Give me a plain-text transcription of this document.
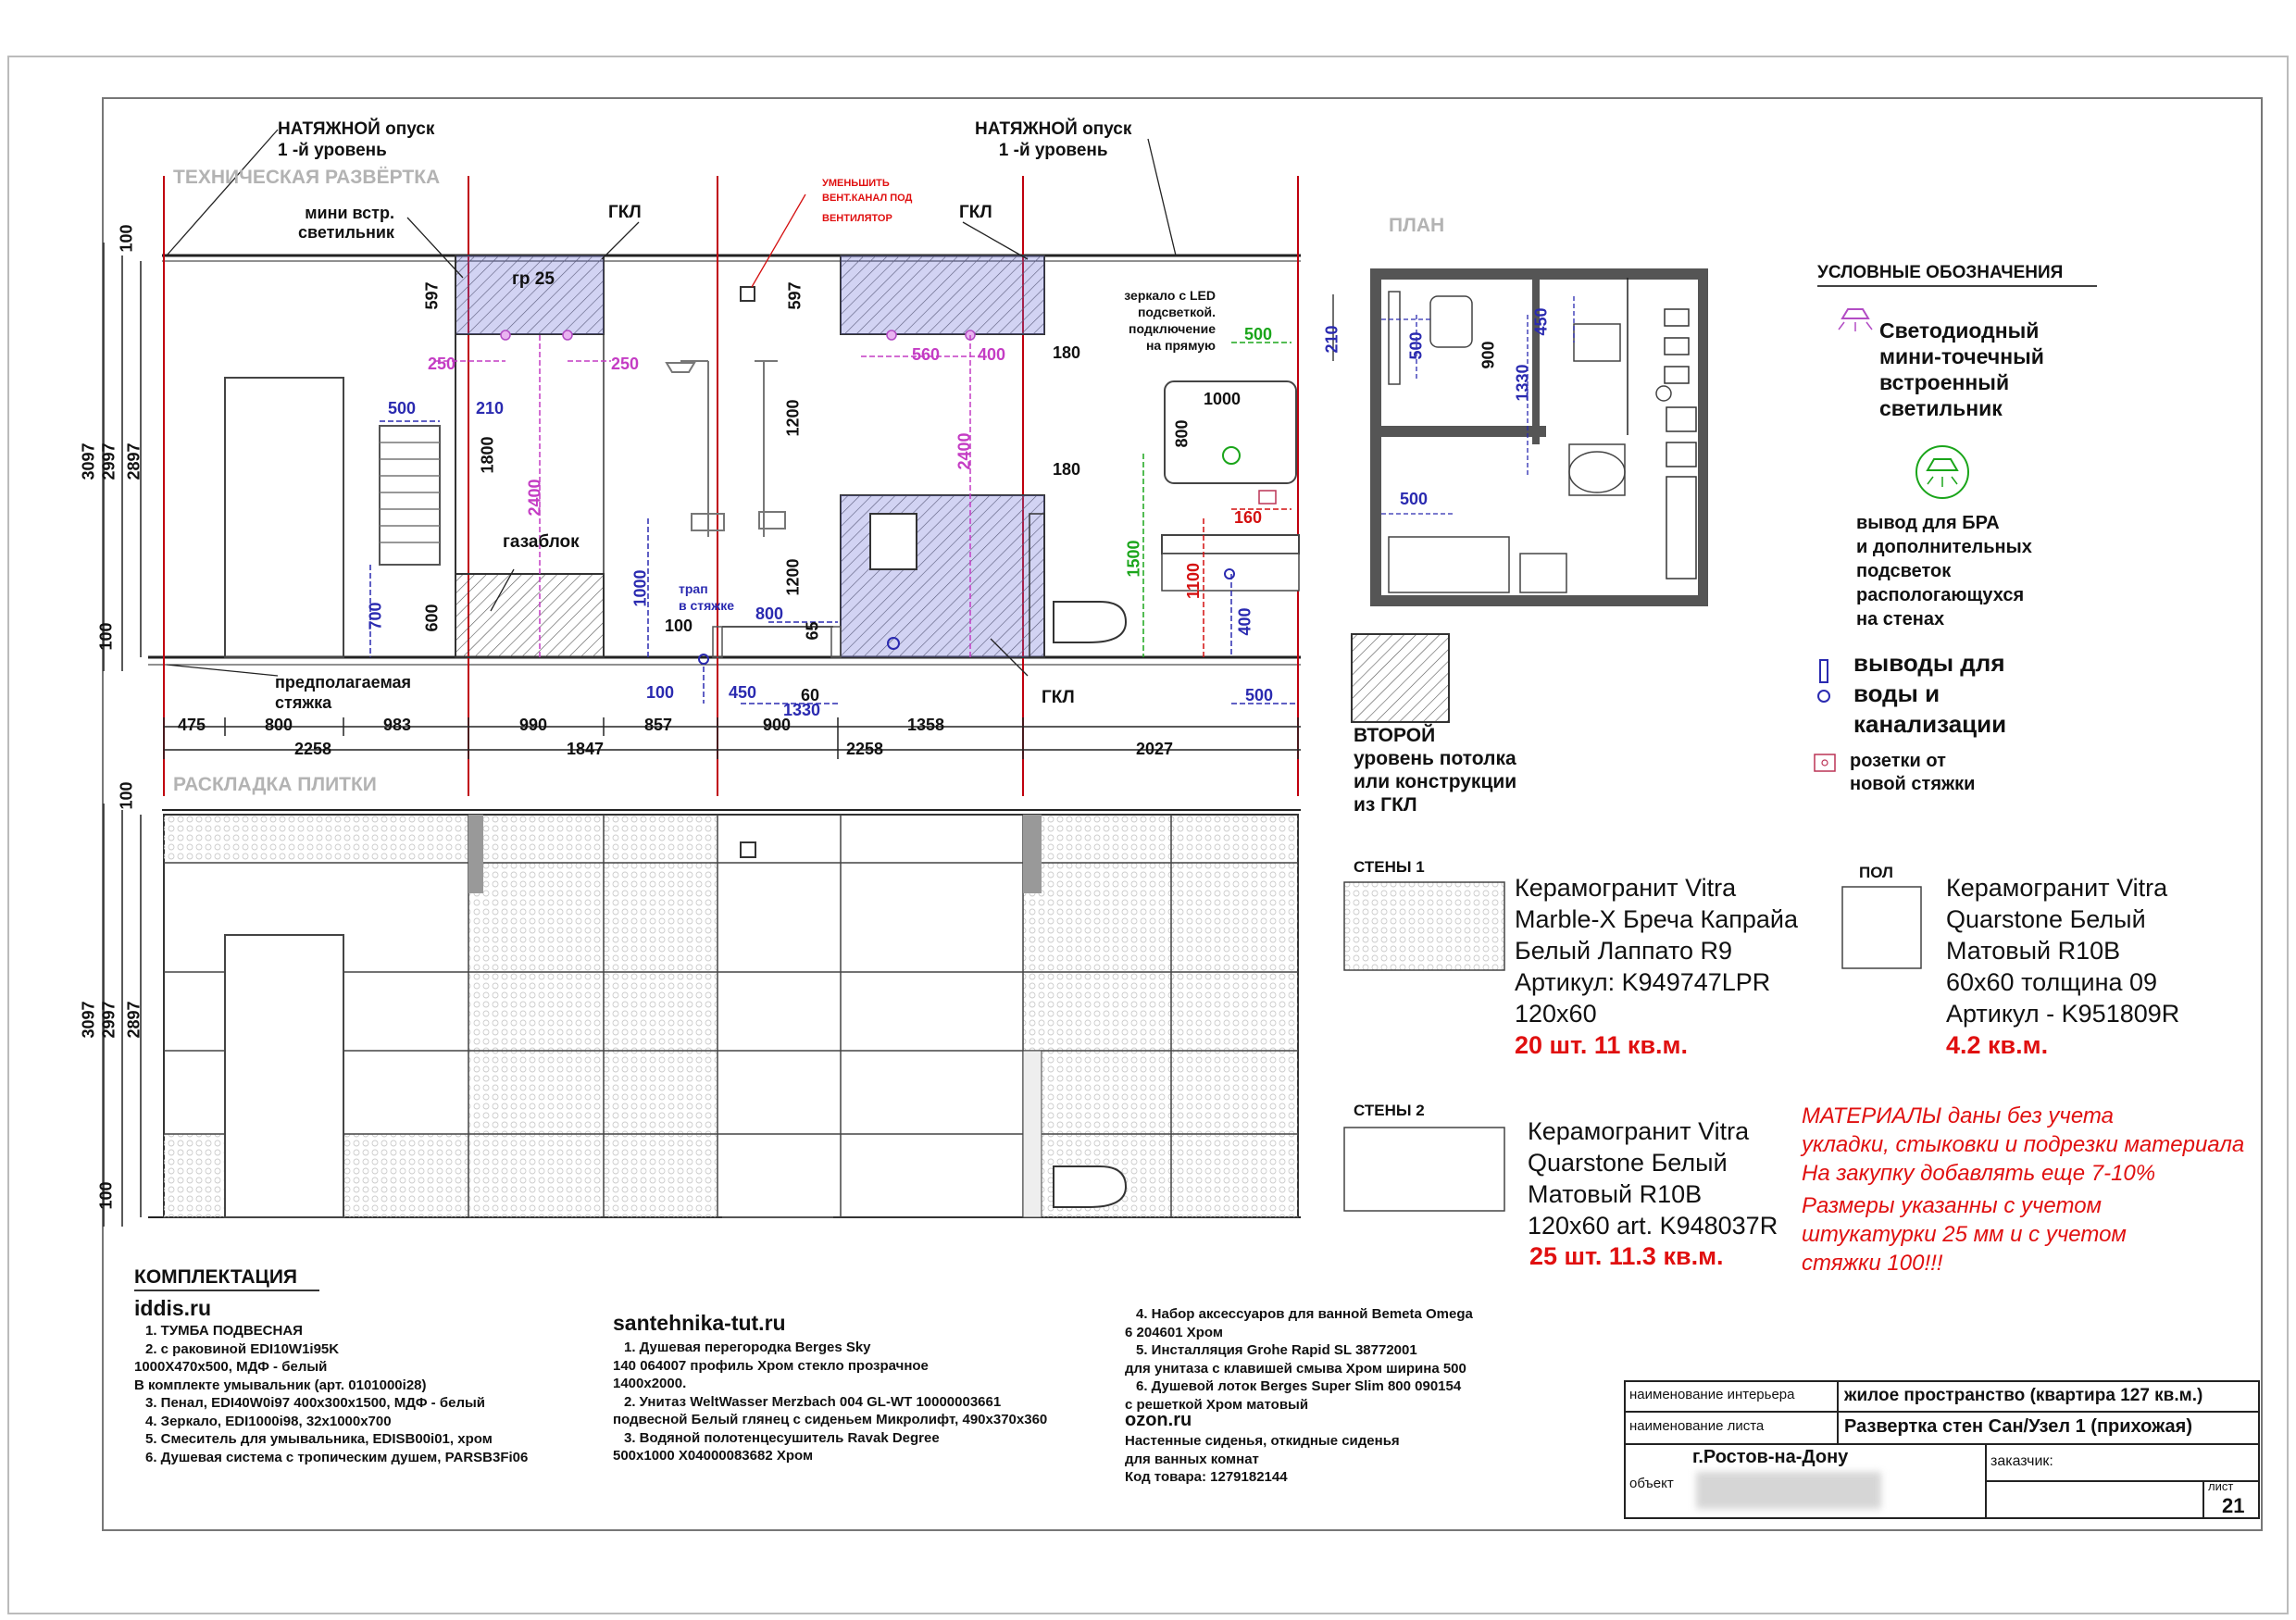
ТЕХНИЧЕСКАЯ РАЗВЁРТКА
НАТЯЖНОЙ опуск
1 -й уровень
НАТЯЖНОЙ опуск
1 -й уровень
мини встр.
светильник
ГКЛ	ГКЛ
ГКЛ
гр 25
газаблок
УМЕНЬШИТЬ
ВЕНТ.КАНАЛ ПОД
ВЕНТИЛЯТОР
трап
в стяжке
зеркало с LED
подсветкой.
подключение
на прямую
предполагаемая
стяжка
100
3097 2997 2897
100
597
1800
600
597
1200
1200
1000
65
180
180
1000
800
100
60
1358
475	800	983	990	857	900
2258	1847	2258	2027
500	210
700
100	450
800
1330
400
500
250	250	560 400
2400
2400
500
1500
160
1100
РАСКЛАДКА ПЛИТКИ
100
3097 2997 2897
100
ПЛАН
210	500	900
1330
450
500
УСЛОВНЫЕ ОБОЗНАЧЕНИЯ
Светодиодный
мини-точечный
встроенный
светильник
вывод для БРА
и дополнительных
подсветок
распологающухся
на стенах
выводы для
воды и
канализации
розетки от
новой стяжки
ВТОРОЙ
уровень потолка
или конструкции
из ГКЛ
СТЕНЫ 1
Керамогранит Vitra
Marble-X Бреча Капрайа
Белый Лаппато R9
Артикул: K949747LPR
120х60
20 шт. 11 кв.м.
ПОЛ
Керамогранит Vitra
Quarstone Белый
Матовый R10B
60х60 толщина 09
Артикул - K951809R
4.2 кв.м.
СТЕНЫ 2
Керамогранит Vitra
Quarstone Белый
Матовый R10B
120х60 art. K948037R
25 шт. 11.3 кв.м.
МАТЕРИАЛЫ даны без учета
укладки, стыковки и подрезки материала
На закупку добавлять еще 7-10%
Размеры указанны с учетом
штукатурки 25 мм и с учетом
стяжки 100!!!
КОМПЛЕКТАЦИЯ
iddis.ru
1. ТУМБА ПОДВЕСНАЯ
2. с раковиной EDI10W1i95K
1000Х470х500, МДФ - белый
В комплекте умывальник (арт. 0101000i28)
3. Пенал, EDI40W0i97 400х300х1500, МДФ - белый
4. Зеркало, EDI1000i98, 32х1000х700
5. Смеситель для умывальника, EDISB00i01, хром
6. Душевая система с тропическим душем, PARSB3Fi06
santehnika-tut.ru
1. Душевая перегородка Berges Sky
140 064007 профиль Хром стекло прозрачное
1400х2000.
2. Унитаз WeltWasser Merzbach 004 GL-WT 10000003661
подвесной Белый глянец с сиденьем Микролифт, 490х370х360
3. Водяной полотенцесушитель Ravak Degree
500х1000 X04000083682 Хром
4. Набор аксессуаров для ванной Bemeta Omega
6 204601 Хром
5. Инсталляция Grohe Rapid SL 38772001
для унитаза с клавишей смыва Хром ширина 500
6. Душевой лоток Berges Super Slim 800 090154
с решеткой Хром матовый
ozon.ru
Настенные сиденья, откидные сиденья
для ванных комнат
Код товара: 1279182144
наименование интерьера	жилое пространство (квартира 127 кв.м.)
наименование листа	Развертка стен Сан/Узел 1 (прихожая)
г.Ростов-на-Дону
объект
заказчик:
лист
21
